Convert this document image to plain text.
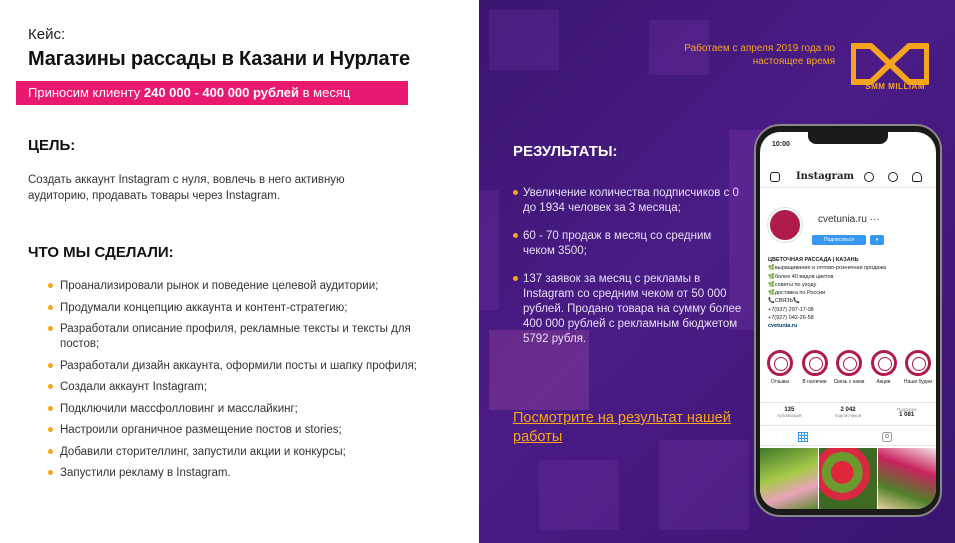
Кейс:
Магазины рассады в Казани и Нурлате
Приносим клиенту 240 000 - 400 000 рублей в месяц
ЦЕЛЬ:
Создать аккаунт Instagram с нуля, вовлечь в него активную аудиторию, продавать товары через Instagram.
ЧТО МЫ СДЕЛАЛИ:
Проанализировали рынок и поведение целевой аудитории;
Продумали концепцию аккаунта и контент-стратегию;
Разработали описание профиля, рекламные тексты и тексты для постов;
Разработали дизайн аккаунта, оформили посты и шапку профиля;
Создали аккаунт Instagram;
Подключили массфолловинг и масслайкинг;
Настроили органичное размещение постов и stories;
Добавили сторителлинг, запустили акции и конкурсы;
Запустили рекламу в Instagram.
Работаем с апреля 2019 года по настоящее время
SMM MILLIAM
РЕЗУЛЬТАТЫ:
Увеличение количества подписчиков с 0 до 1934 человек за 3 месяца;
60 - 70 продаж в месяц со средним чеком 3500;
137 заявок за месяц с рекламы в Instagram со средним чеком от 50 000 рублей. Продано товара на сумму более 400 000 рублей с рекламным бюджетом 5792 рубля.
Посмотрите на результат нашей работы
10:00
Instagram
cvetunia.ru ···
Подписаться	▾
ЦВЕТОЧНАЯ РАССАДА | КАЗАНЬ
🌿выращивание и оптово-розничная продажа
🌿более 40 видов цветов
🌿советы по уходу
🌿доставка по России
📞СВЯЗЬ📞
+7(937) 297-17-08
+7(927) 042-26-58
cvetunia.ru
Отзывы	В наличии	Связь с нами	Акции	Наши будни
135
публикаций
2 042
подписчиков
Подписки
1 081
